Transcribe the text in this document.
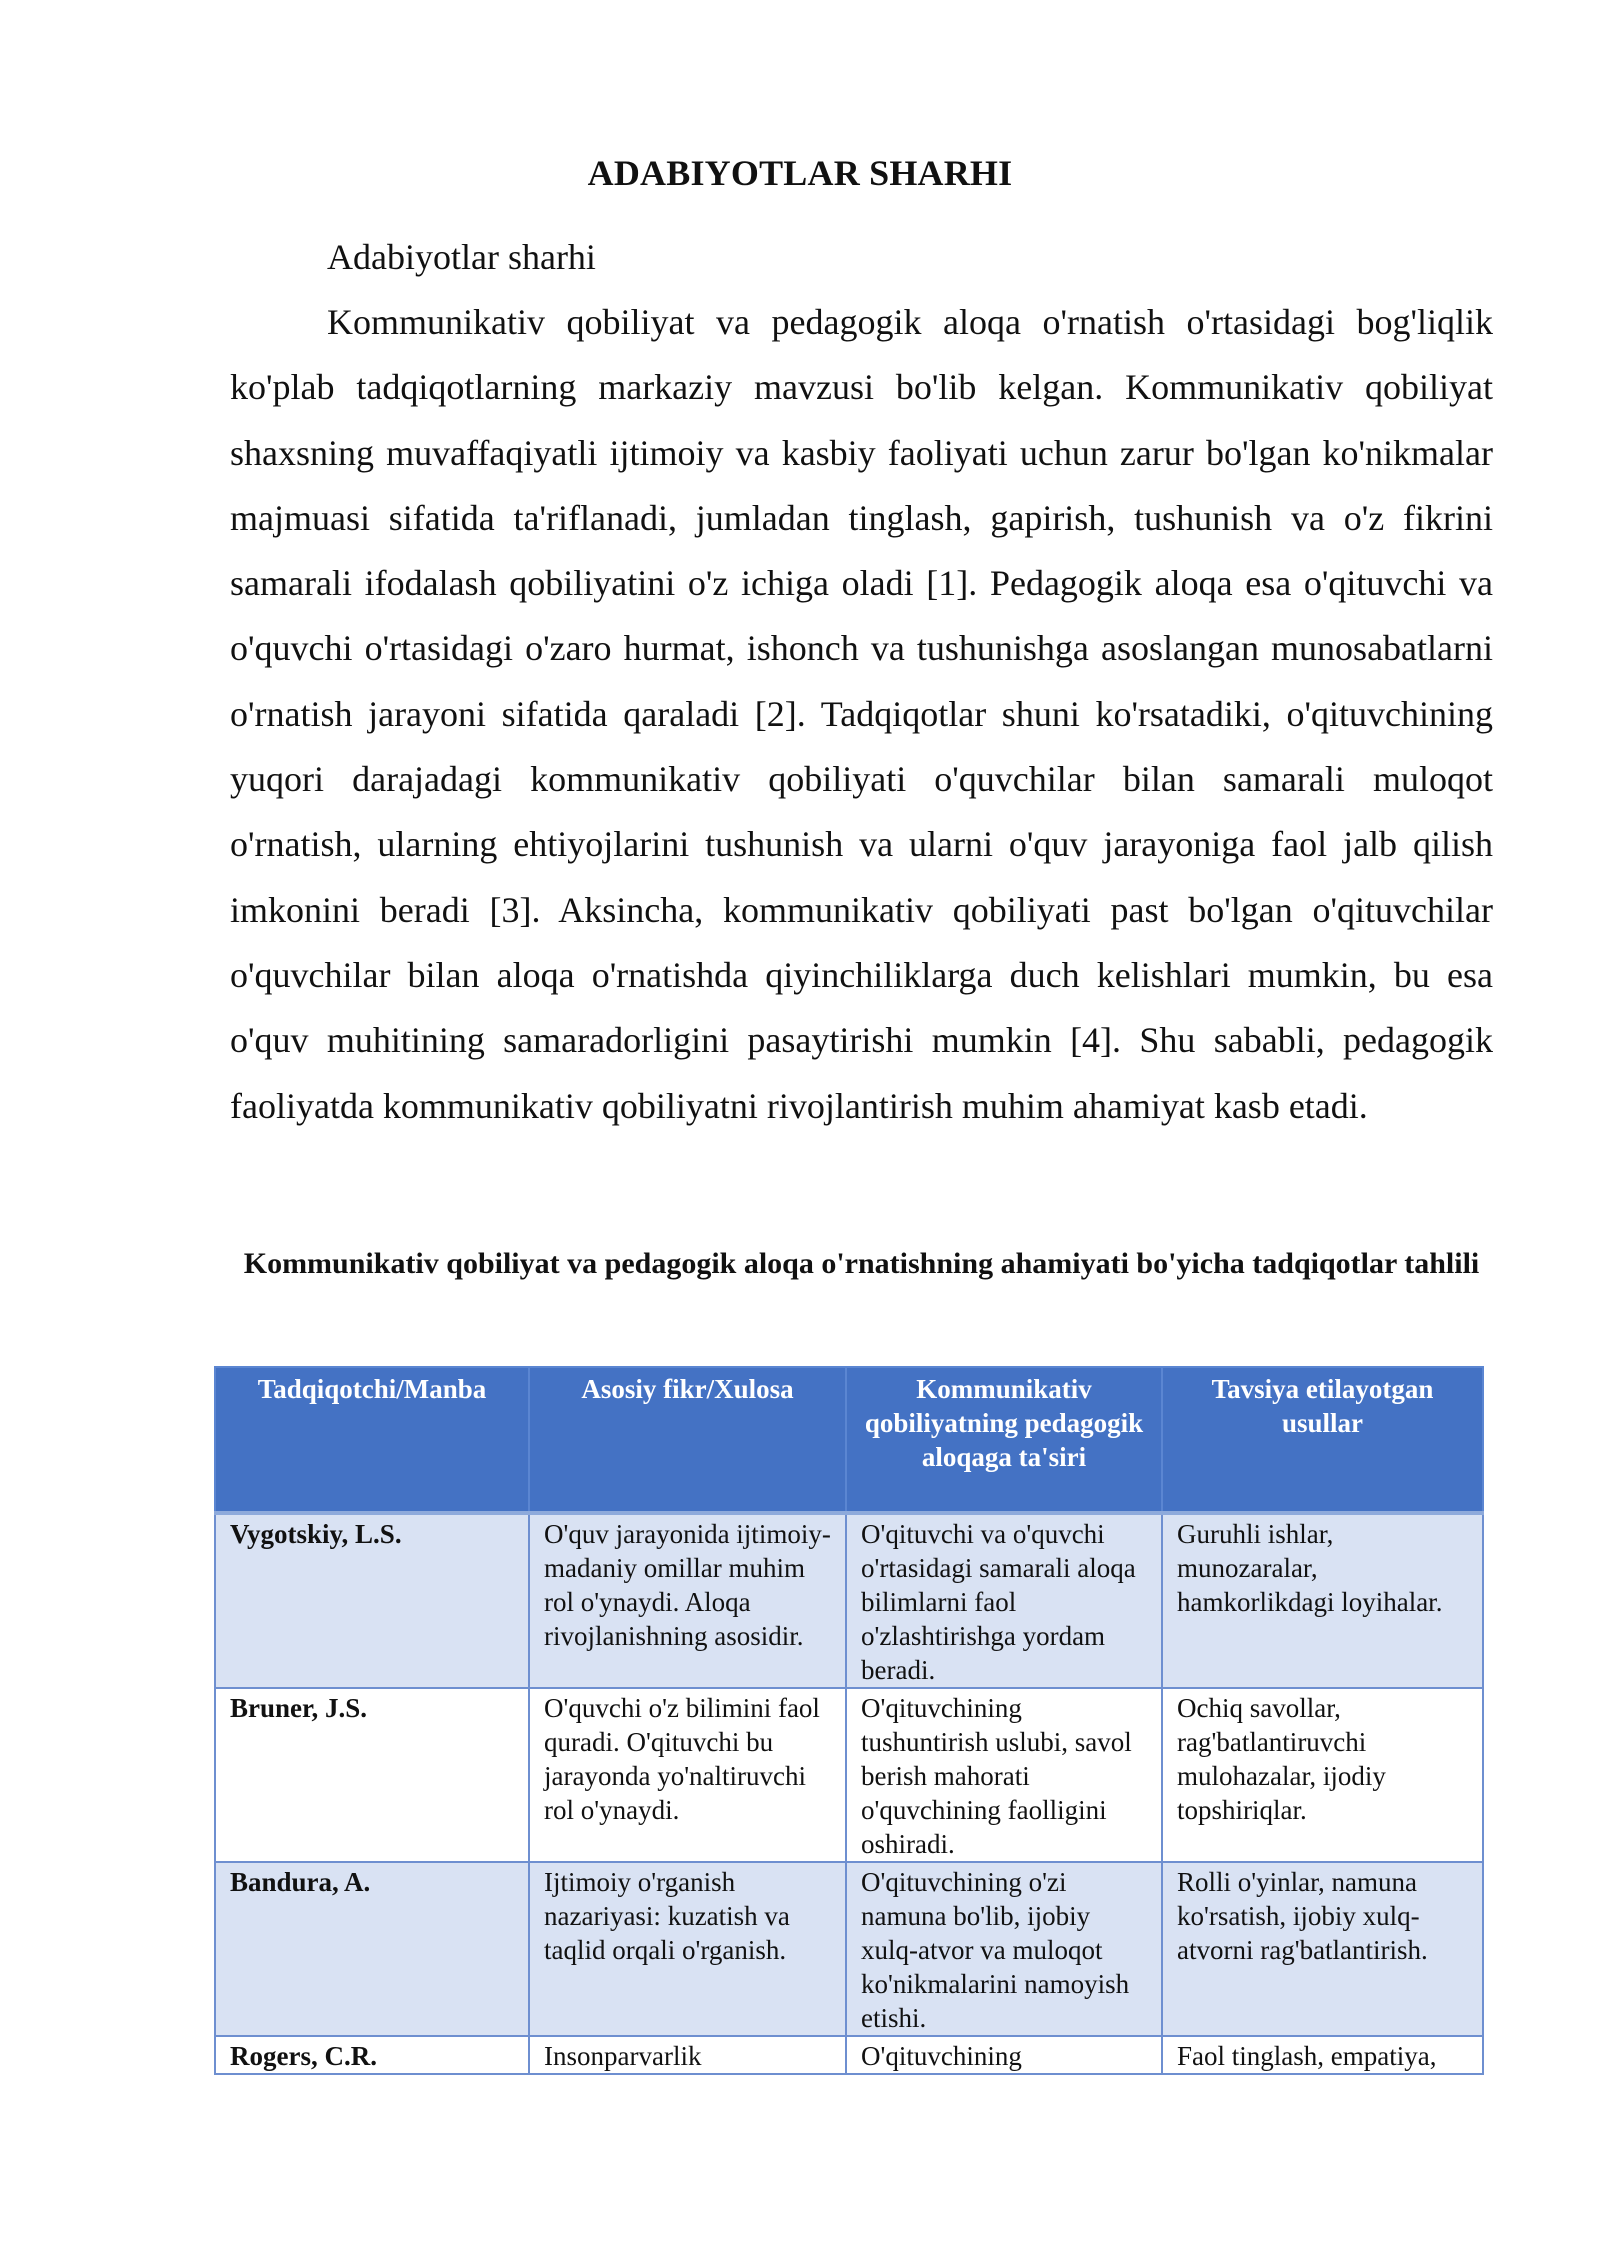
ADABIYOTLAR SHARHI
Adabiyotlar sharhi

Kommunikativ qobiliyat va pedagogik aloqa o'rnatish o'rtasidagi bog'liqlik ko'plab tadqiqotlarning markaziy mavzusi bo'lib kelgan. Kommunikativ qobiliyat shaxsning muvaffaqiyatli ijtimoiy va kasbiy faoliyati uchun zarur bo'lgan ko'nikmalar majmuasi sifatida ta'riflanadi, jumladan tinglash, gapirish, tushunish va o'z fikrini samarali ifodalash qobiliyatini o'z ichiga oladi [1]. Pedagogik aloqa esa o'qituvchi va o'quvchi o'rtasidagi o'zaro hurmat, ishonch va tushunishga asoslangan munosabatlarni o'rnatish jarayoni sifatida qaraladi [2]. Tadqiqotlar shuni ko'rsatadiki, o'qituvchining yuqori darajadagi kommunikativ qobiliyati o'quvchilar bilan samarali muloqot o'rnatish, ularning ehtiyojlarini tushunish va ularni o'quv jarayoniga faol jalb qilish imkonini beradi [3]. Aksincha, kommunikativ qobiliyati past bo'lgan o'qituvchilar o'quvchilar bilan aloqa o'rnatishda qiyinchiliklarga duch kelishlari mumkin, bu esa o'quv muhitining samaradorligini pasaytirishi mumkin [4]. Shu sababli, pedagogik faoliyatda kommunikativ qobiliyatni rivojlantirish muhim ahamiyat kasb etadi.

Kommunikativ qobiliyat va pedagogik aloqa o'rnatishning ahamiyati bo'yicha tadqiqotlar tahlili

Tadqiqotchi/Manba	Asosiy fikr/Xulosa	Kommunikativ qobiliyatning pedagogik aloqaga ta'siri	Tavsiya etilayotgan usullar
Vygotskiy, L.S.	O'quv jarayonida ijtimoiy-madaniy omillar muhim rol o'ynaydi. Aloqa rivojlanishning asosidir.	O'qituvchi va o'quvchi o'rtasidagi samarali aloqa bilimlarni faol o'zlashtirishga yordam beradi.	Guruhli ishlar, munozaralar, hamkorlikdagi loyihalar.
Bruner, J.S.	O'quvchi o'z bilimini faol quradi. O'qituvchi bu jarayonda yo'naltiruvchi rol o'ynaydi.	O'qituvchining tushuntirish uslubi, savol berish mahorati o'quvchining faolligini oshiradi.	Ochiq savollar, rag'batlantiruvchi mulohazalar, ijodiy topshiriqlar.
Bandura, A.	Ijtimoiy o'rganish nazariyasi: kuzatish va taqlid orqali o'rganish.	O'qituvchining o'zi namuna bo'lib, ijobiy xulq-atvor va muloqot ko'nikmalarini namoyish etishi.	Rolli o'yinlar, namuna ko'rsatish, ijobiy xulq-atvorni rag'batlantirish.
Rogers, C.R.	Insonparvarlik	O'qituvchining	Faol tinglash, empatiya,
